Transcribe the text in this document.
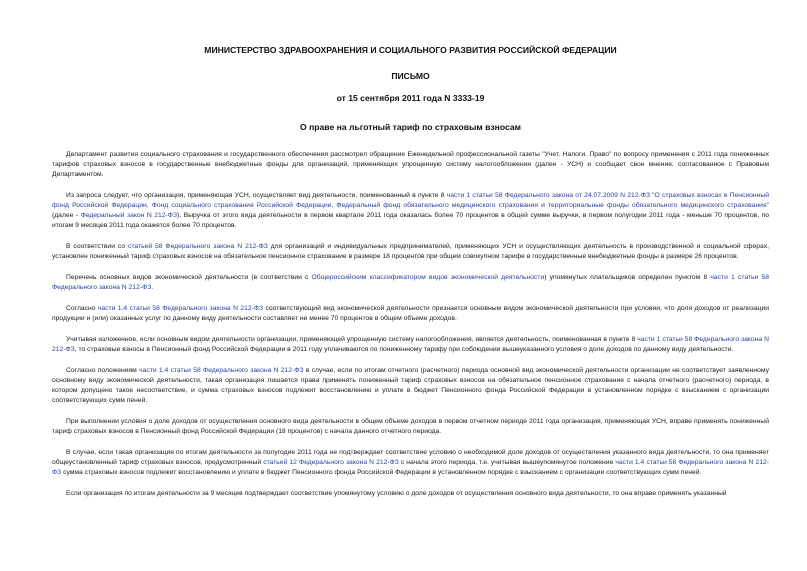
МИНИСТЕРСТВО ЗДРАВООХРАНЕНИЯ И СОЦИАЛЬНОГО РАЗВИТИЯ РОССИЙСКОЙ ФЕДЕРАЦИИ
ПИСЬМО
от 15 сентября 2011 года N 3333-19
О праве на льготный тариф по страховым взносам

Департамент развития социального страхования и государственного обеспечения рассмотрел обращение Еженедельной профессиональной газеты "Учет. Налоги. Право" по вопросу применения с 2011 года пониженных тарифов страховых взносов в государственные внебюджетные фонды для организаций, применяющих упрощенную систему налогообложения (далее - УСН) и сообщает свое мнение, согласованное с Правовым Департаментом.

Из запроса следует, что организация, применяющая УСН, осуществляет вид деятельности, поименованный в пункте 8 части 1 статьи 58 Федерального закона от 24.07.2009 N 212-ФЗ "О страховых взносах в Пенсионный фонд Российской Федерации, Фонд социального страхования Российской Федерации, Федеральный фонд обязательного медицинского страхования и территориальные фонды обязательного медицинского страхования" (далее - Федеральный закон N 212-ФЗ). Выручка от этого вида деятельности в первом квартале 2011 года оказалась более 70 процентов в общей сумме выручки, в первом полугодии 2011 года - меньше 70 процентов, по итогам 9 месяцев 2011 года окажется более 70 процентов.

В соответствии со статьей 58 Федерального закона N 212-ФЗ для организаций и индивидуальных предпринимателей, применяющих УСН и осуществляющих деятельность в производственной и социальной сферах, установлен пониженный тариф страховых взносов на обязательное пенсионное страхование в размере 18 процентов при общем совокупном тарифе в государственные внебюджетные фонды в размере 26 процентов.

Перечень основных видов экономической деятельности (в соответствии с Общероссийским классификатором видов экономической деятельности) упомянутых плательщиков определен пунктом 8 части 1 статьи 58 Федерального закона N 212-ФЗ.

Согласно части 1.4 статьи 58 Федерального закона N 212-ФЗ соответствующий вид экономической деятельности признается основным видом экономической деятельности при условии, что доля доходов от реализации продукции и (или) оказанных услуг по данному виду деятельности составляет не менее 70 процентов в общем объеме доходов.

Учитывая изложенное, если основным видом деятельности организации, применяющей упрощенную систему налогообложения, является деятельность, поименованная в пункте 8 части 1 статьи 58 Федерального закона N 212-ФЗ, то страховые взносы в Пенсионный фонд Российской Федерации в 2011 году уплачиваются по пониженному тарифу при соблюдении вышеуказанного условия о доле доходов по данному виду деятельности.

Согласно положениям части 1.4 статьи 58 Федерального закона N 212-ФЗ в случае, если по итогам отчетного (расчетного) периода основной вид экономической деятельности организации не соответствует заявленному основному виду экономической деятельности, такая организация лишается права применять пониженный тариф страховых взносов на обязательное пенсионное страхование с начала отчетного (расчетного) периода, в котором допущено такое несоответствие, и сумма страховых взносов подлежит восстановлению и уплате в бюджет Пенсионного фонда Российской Федерации в установленном порядке с взысканием с организации соответствующих сумм пеней.

При выполнении условия о доле доходов от осуществления основного вида деятельности в общем объеме доходов в первом отчетном периоде 2011 года организация, применяющая УСН, вправе применять пониженный тариф страховых взносов в Пенсионный фонд Российской Федерации (18 процентов) с начала данного отчетного периода.

В случае, если такая организация по итогам деятельности за полугодие 2011 года не подтверждает соответствие условию о необходимой доле доходов от осуществления указанного вида деятельности, то она применяет общеустановленный тариф страховых взносов, предусмотренный статьей 12 Федерального закона N 212-ФЗ с начала этого периода, т.е. учитывая вышеупомянутое положение части 1.4 статьи 58 Федерального закона N 212-ФЗ сумма страховых взносов подлежит восстановлению и уплате в бюджет Пенсионного фонда Российской Федерации в установленном порядке с взысканием с организации соответствующих сумм пеней.

Если организация по итогам деятельности за 9 месяцев подтверждает соответствие упомянутому условию о доле доходов от осуществления основного вида деятельности, то она вправе применять указанный
